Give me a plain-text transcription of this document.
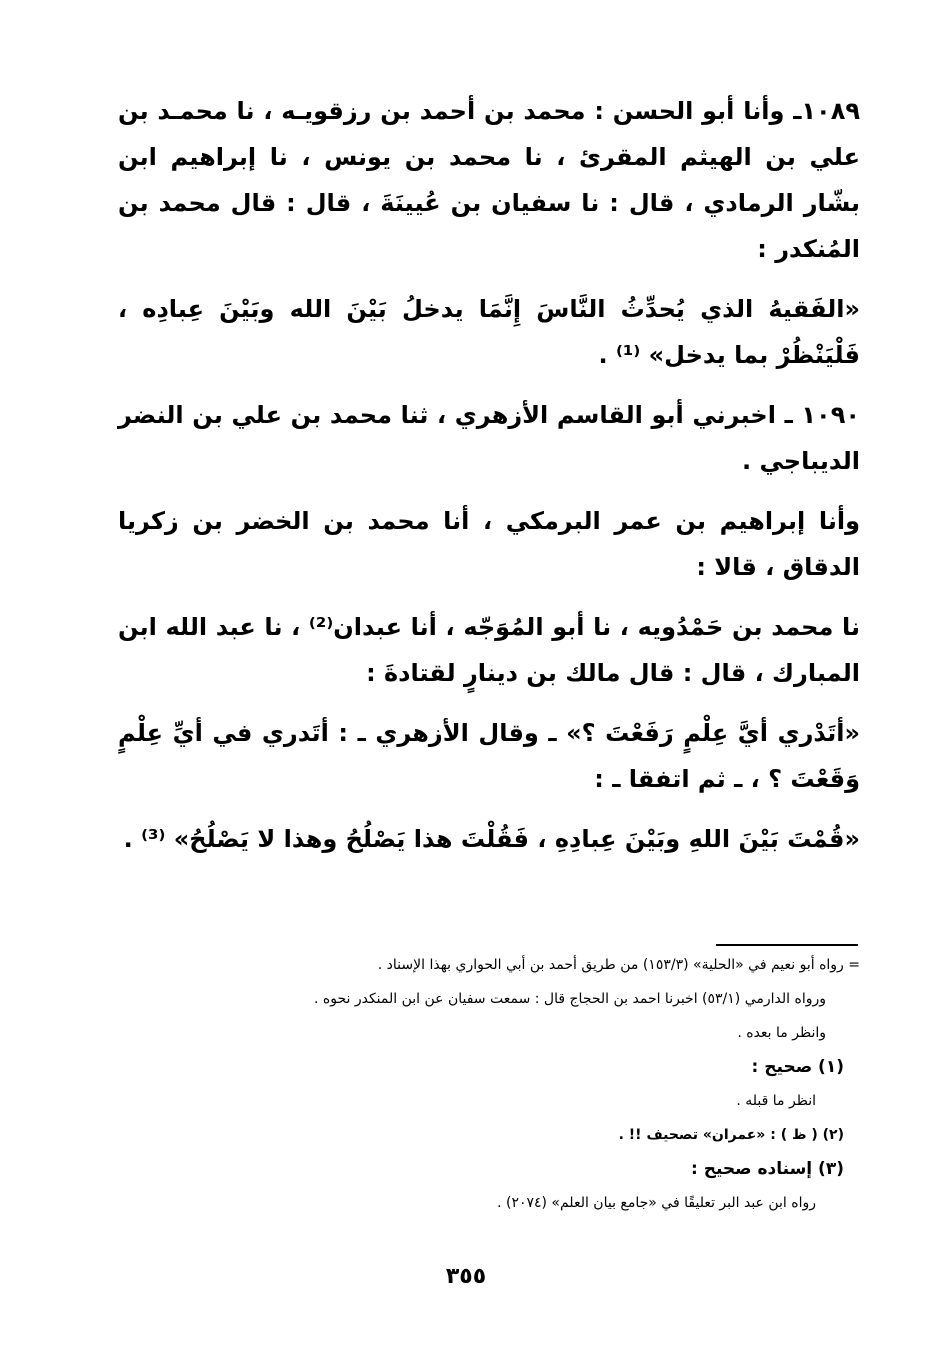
١٠٨٩ـ وأنا أبو الحسن : محمد بن أحمد بن رزقويـه ، نا محمـد بن علي بن الهيثم المقرئ ، نا محمد بن يونس ، نا إبراهيم ابن بشّار الرمادي ، قال : نا سفيان بن عُيينَةَ ، قال : قال محمد بن المُنكدر :

«الفَقيهُ الذي يُحدِّثُ النَّاسَ إِنَّمَا يدخلُ بَيْنَ الله وبَيْنَ عِبادِه ، فَلْيَنْظُرْ بما يدخل» ⁽¹⁾ .

١٠٩٠ ـ اخبرني أبو القاسم الأزهري ، ثنا محمد بن علي بن النضر الديباجي .

وأنا إبراهيم بن عمر البرمكي ، أنا محمد بن الخضر بن زكريا الدقاق ، قالا :

نا محمد بن حَمْدُويه ، نا أبو المُوَجّه ، أنا عبدان⁽²⁾ ، نا عبد الله ابن المبارك ، قال : قال مالك بن دينارٍ لقتادةَ :

«أتَدْري أيَّ عِلْمٍ رَفَعْتَ ؟» ـ وقال الأزهري ـ : أتَدري في أيِّ عِلْمٍ وَقَعْتَ ؟ ، ـ ثم اتفقا ـ :

«قُمْتَ بَيْنَ اللهِ وبَيْنَ عِبادِهِ ، فَقُلْتَ هذا يَصْلُحُ وهذا لا يَصْلُحُ» ⁽³⁾ .

= رواه أبو نعيم في «الحلية» (١٥٣/٣) من طريق أحمد بن أبي الحواري بهذا الإسناد .

ورواه الدارمي (٥٣/١) اخبرنا احمد بن الحجاج قال : سمعت سفيان عن ابن المنكدر نحوه .

وانظر ما بعده .

(١) صحيح :

انظر ما قبله .

(٢) ( ظ ) : «عمران» تصحيف !! .

(٣) إسناده صحيح :

رواه ابن عبد البر تعليقًا في «جامع بيان العلم» (٢٠٧٤) .

٣٥٥
